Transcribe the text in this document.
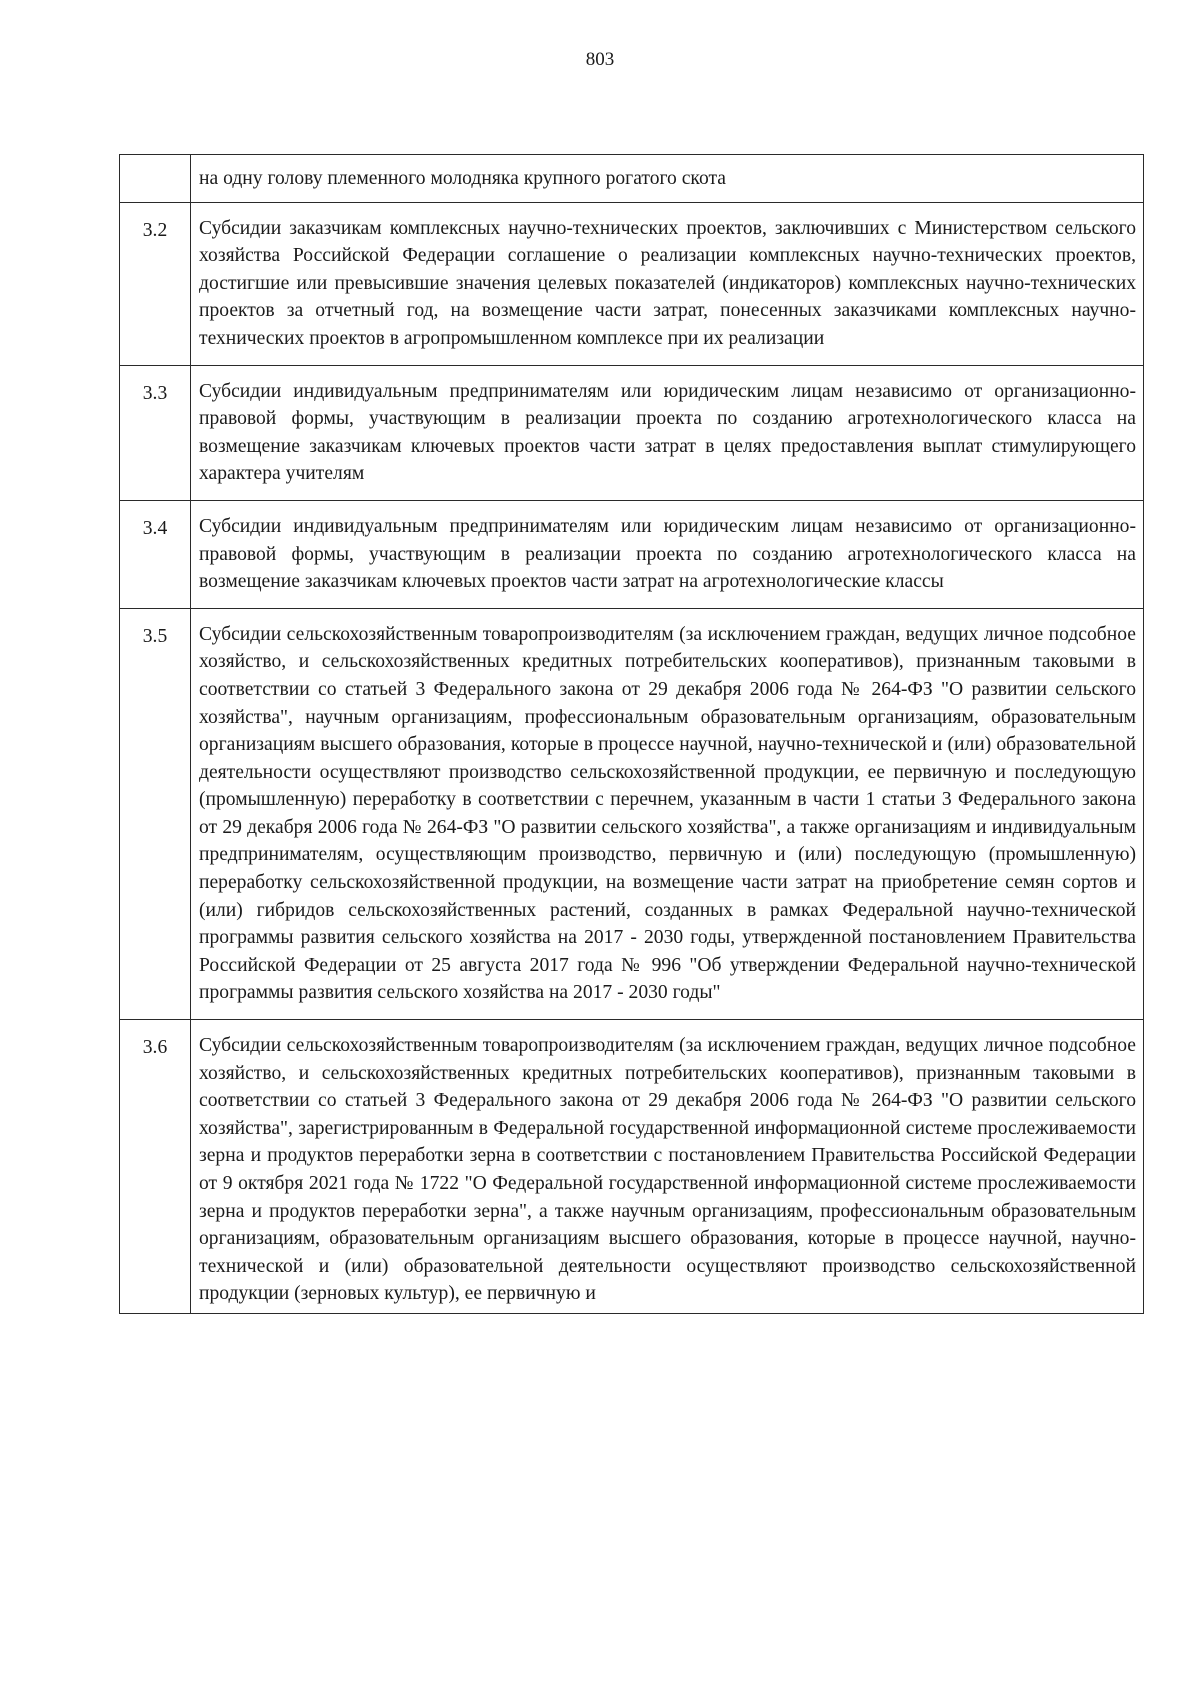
803
	на одну голову племенного молодняка крупного рогатого скота
3.2	Субсидии заказчикам комплексных научно-технических проектов, заключивших с Министерством сельского хозяйства Российской Федерации соглашение о реализации комплексных научно-технических проектов, достигшие или превысившие значения целевых показателей (индикаторов) комплексных научно-технических проектов за отчетный год, на возмещение части затрат, понесенных заказчиками комплексных научно-технических проектов в агропромышленном комплексе при их реализации
3.3	Субсидии индивидуальным предпринимателям или юридическим лицам независимо от организационно-правовой формы, участвующим в реализации проекта по созданию агротехнологического класса на возмещение заказчикам ключевых проектов части затрат в целях предоставления выплат стимулирующего характера учителям
3.4	Субсидии индивидуальным предпринимателям или юридическим лицам независимо от организационно-правовой формы, участвующим в реализации проекта по созданию агротехнологического класса на возмещение заказчикам ключевых проектов части затрат на агротехнологические классы
3.5	Субсидии сельскохозяйственным товаропроизводителям (за исключением граждан, ведущих личное подсобное хозяйство, и сельскохозяйственных кредитных потребительских кооперативов), признанным таковыми в соответствии со статьей 3 Федерального закона от 29 декабря 2006 года № 264-ФЗ "О развитии сельского хозяйства", научным организациям, профессиональным образовательным организациям, образовательным организациям высшего образования, которые в процессе научной, научно-технической и (или) образовательной деятельности осуществляют производство сельскохозяйственной продукции, ее первичную и последующую (промышленную) переработку в соответствии с перечнем, указанным в части 1 статьи 3 Федерального закона от 29 декабря 2006 года № 264-ФЗ "О развитии сельского хозяйства", а также организациям и индивидуальным предпринимателям, осуществляющим производство, первичную и (или) последующую (промышленную) переработку сельскохозяйственной продукции, на возмещение части затрат на приобретение семян сортов и (или) гибридов сельскохозяйственных растений, созданных в рамках Федеральной научно-технической программы развития сельского хозяйства на 2017 - 2030 годы, утвержденной постановлением Правительства Российской Федерации от 25 августа 2017 года № 996 "Об утверждении Федеральной научно-технической программы развития сельского хозяйства на 2017 - 2030 годы"
3.6	Субсидии сельскохозяйственным товаропроизводителям (за исключением граждан, ведущих личное подсобное хозяйство, и сельскохозяйственных кредитных потребительских кооперативов), признанным таковыми в соответствии со статьей 3 Федерального закона от 29 декабря 2006 года № 264-ФЗ "О развитии сельского хозяйства", зарегистрированным в Федеральной государственной информационной системе прослеживаемости зерна и продуктов переработки зерна в соответствии с постановлением Правительства Российской Федерации от 9 октября 2021 года № 1722 "О Федеральной государственной информационной системе прослеживаемости зерна и продуктов переработки зерна", а также научным организациям, профессиональным образовательным организациям, образовательным организациям высшего образования, которые в процессе научной, научно-технической и (или) образовательной деятельности осуществляют производство сельскохозяйственной продукции (зерновых культур), ее первичную и
